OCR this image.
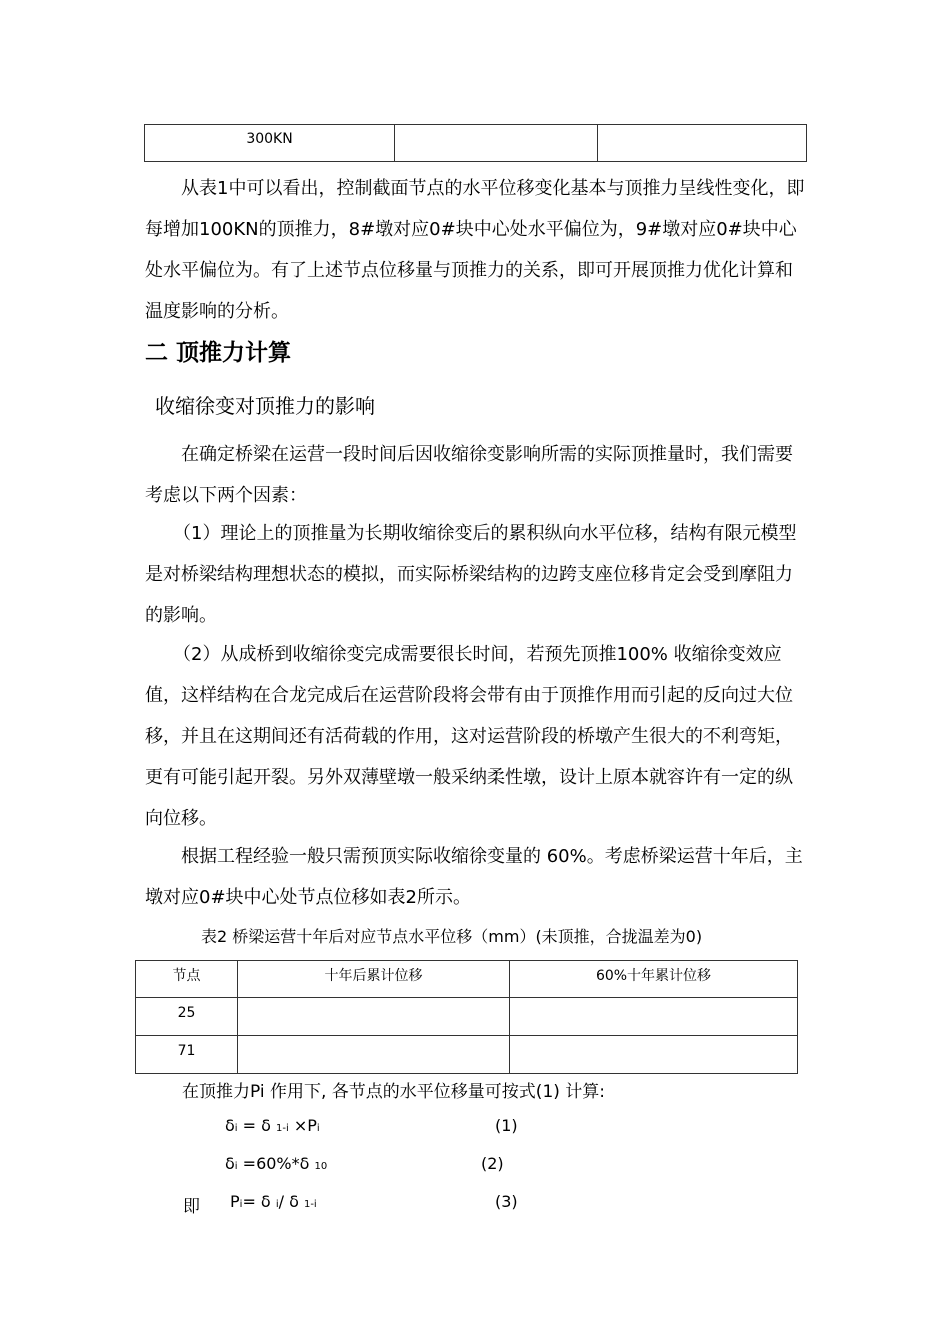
300KN		

从表1中可以看出，控制截面节点的水平位移变化基本与顶推力呈线性变化，即每增加100KN的顶推力，8#墩对应0#块中心处水平偏位为，9#墩对应0#块中心处水平偏位为。有了上述节点位移量与顶推力的关系，即可开展顶推力优化计算和温度影响的分析。

二 顶推力计算
收缩徐变对顶推力的影响

在确定桥梁在运营一段时间后因收缩徐变影响所需的实际顶推量时，我们需要考虑以下两个因素：

（1）理论上的顶推量为长期收缩徐变后的累积纵向水平位移，结构有限元模型是对桥梁结构理想状态的模拟，而实际桥梁结构的边跨支座位移肯定会受到摩阻力的影响。

（2）从成桥到收缩徐变完成需要很长时间，若预先顶推100% 收缩徐变效应值，这样结构在合龙完成后在运营阶段将会带有由于顶推作用而引起的反向过大位移，并且在这期间还有活荷载的作用，这对运营阶段的桥墩产生很大的不利弯矩，更有可能引起开裂。另外双薄壁墩一般采纳柔性墩，设计上原本就容许有一定的纵向位移。

根据工程经验一般只需预顶实际收缩徐变量的 60%。考虑桥梁运营十年后，主墩对应0#块中心处节点位移如表2所示。

表2 桥梁运营十年后对应节点水平位移（mm）(未顶推，合拢温差为0)
节点	十年后累计位移	60%十年累计位移
25		
71		
在顶推力Pi 作用下, 各节点的水平位移量可按式(1) 计算:
δi = δ 1-i ×Pi	(1)
δi =60%*δ 10	(2)
即 Pi= δ i/ δ 1-i	(3)
